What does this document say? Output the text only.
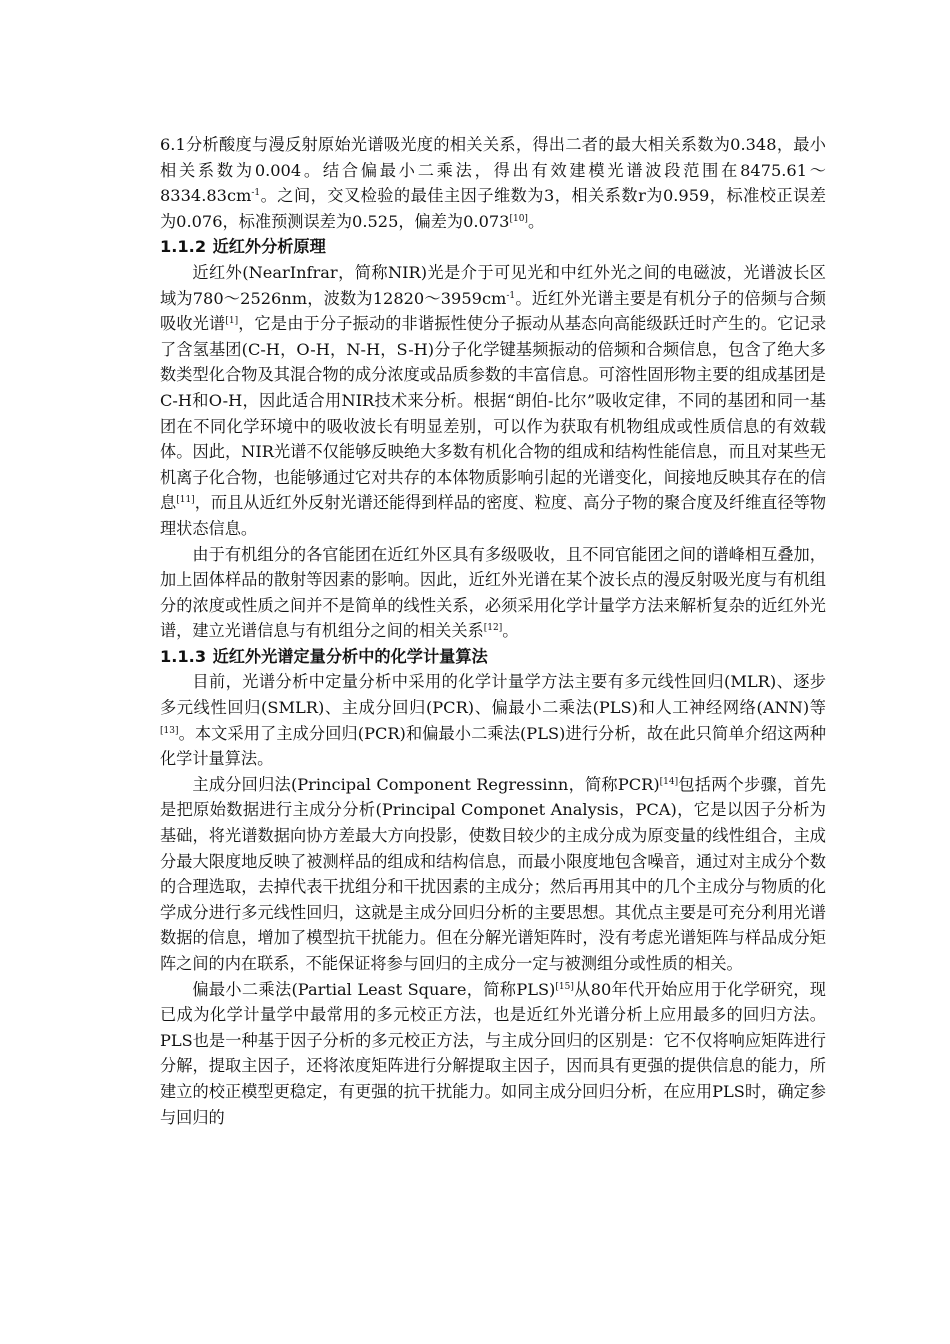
6.1分析酸度与漫反射原始光谱吸光度的相关关系，得出二者的最大相关系数为0.348，最小相关系数为0.004。结合偏最小二乘法，得出有效建模光谱波段范围在$8475.61\sim 8334.83cm^{-1}$。之间，交叉检验的最佳主因子维数为3，相关系数r为0.959，标准校正误差为0.076，标准预测误差为0.525，偏差为0.073[10]。

1.1.2 近红外分析原理

近红外(NearInfrar，简称NIR)光是介于可见光和中红外光之间的电磁波，光谱波长区域为780～2526nm，波数为$12820\sim 3959cm^{-1}$。近红外光谱主要是有机分子的倍频与合频吸收光谱[1]，它是由于分子振动的非谐振性使分子振动从基态向高能级跃迁时产生的。它记录了含氢基团(C-H，O-H，N-H，S-H)分子化学键基频振动的倍频和合频信息，包含了绝大多数类型化合物及其混合物的成分浓度或品质参数的丰富信息。可溶性固形物主要的组成基团是C-H和O-H，因此适合用NIR技术来分析。根据“朗伯-比尔”吸收定律，不同的基团和同一基团在不同化学环境中的吸收波长有明显差别，可以作为获取有机物组成或性质信息的有效载体。因此，NIR光谱不仅能够反映绝大多数有机化合物的组成和结构性能信息，而且对某些无机离子化合物，也能够通过它对共存的本体物质影响引起的光谱变化，间接地反映其存在的信息[11]，而且从近红外反射光谱还能得到样品的密度、粒度、高分子物的聚合度及纤维直径等物理状态信息。

由于有机组分的各官能团在近红外区具有多级吸收，且不同官能团之间的谱峰相互叠加，加上固体样品的散射等因素的影响。因此，近红外光谱在某个波长点的漫反射吸光度与有机组分的浓度或性质之间并不是简单的线性关系，必须采用化学计量学方法来解析复杂的近红外光谱，建立光谱信息与有机组分之间的相关关系[12]。

1.1.3 近红外光谱定量分析中的化学计量算法

目前，光谱分析中定量分析中采用的化学计量学方法主要有多元线性回归(MLR)、逐步多元线性回归(SMLR)、主成分回归(PCR)、偏最小二乘法(PLS)和人工神经网络(ANN)等[13]。本文采用了主成分回归(PCR)和偏最小二乘法(PLS)进行分析，故在此只简单介绍这两种化学计量算法。

主成分回归法(Principal Component Regressinn，简称PCR)[14]包括两个步骤，首先是把原始数据进行主成分分析(Principal Componet Analysis，PCA)，它是以因子分析为基础，将光谱数据向协方差最大方向投影，使数目较少的主成分成为原变量的线性组合，主成分最大限度地反映了被测样品的组成和结构信息，而最小限度地包含噪音，通过对主成分个数的合理选取，去掉代表干扰组分和干扰因素的主成分；然后再用其中的几个主成分与物质的化学成分进行多元线性回归，这就是主成分回归分析的主要思想。其优点主要是可充分利用光谱数据的信息，增加了模型抗干扰能力。但在分解光谱矩阵时，没有考虑光谱矩阵与样品成分矩阵之间的内在联系，不能保证将参与回归的主成分一定与被测组分或性质的相关。

偏最小二乘法(Partial Least Square，简称PLS)[15]从80年代开始应用于化学研究，现已成为化学计量学中最常用的多元校正方法，也是近红外光谱分析上应用最多的回归方法。PLS也是一种基于因子分析的多元校正方法，与主成分回归的区别是：它不仅将响应矩阵进行分解，提取主因子，还将浓度矩阵进行分解提取主因子，因而具有更强的提供信息的能力，所建立的校正模型更稳定，有更强的抗干扰能力。如同主成分回归分析，在应用PLS时，确定参与回归的
